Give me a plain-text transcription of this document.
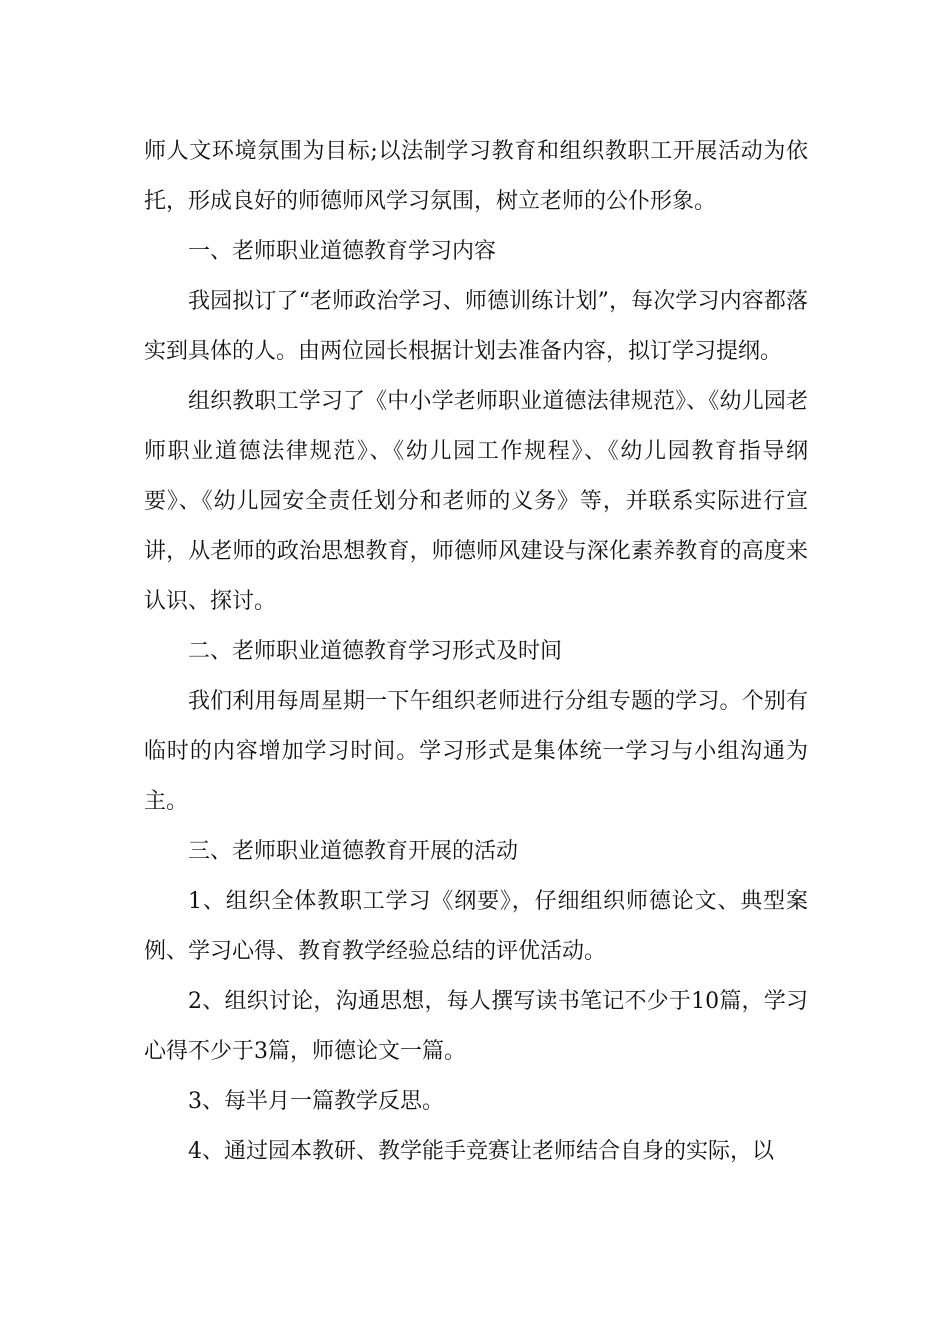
师人文环境氛围为目标;以法制学习教育和组织教职工开展活动为依托，形成良好的师德师风学习氛围，树立老师的公仆形象。

一、老师职业道德教育学习内容

我园拟订了“老师政治学习、师德训练计划”，每次学习内容都落实到具体的人。由两位园长根据计划去准备内容，拟订学习提纲。

组织教职工学习了《中小学老师职业道德法律规范》、《幼儿园老师职业道德法律规范》、《幼儿园工作规程》、《幼儿园教育指导纲要》、《幼儿园安全责任划分和老师的义务》等，并联系实际进行宣讲，从老师的政治思想教育，师德师风建设与深化素养教育的高度来认识、探讨。

二、老师职业道德教育学习形式及时间

我们利用每周星期一下午组织老师进行分组专题的学习。个别有临时的内容增加学习时间。学习形式是集体统一学习与小组沟通为主。

三、老师职业道德教育开展的活动

1、组织全体教职工学习《纲要》，仔细组织师德论文、典型案例、学习心得、教育教学经验总结的评优活动。

2、组织讨论，沟通思想，每人撰写读书笔记不少于10篇，学习心得不少于3篇，师德论文一篇。

3、每半月一篇教学反思。

4、通过园本教研、教学能手竞赛让老师结合自身的实际，以
